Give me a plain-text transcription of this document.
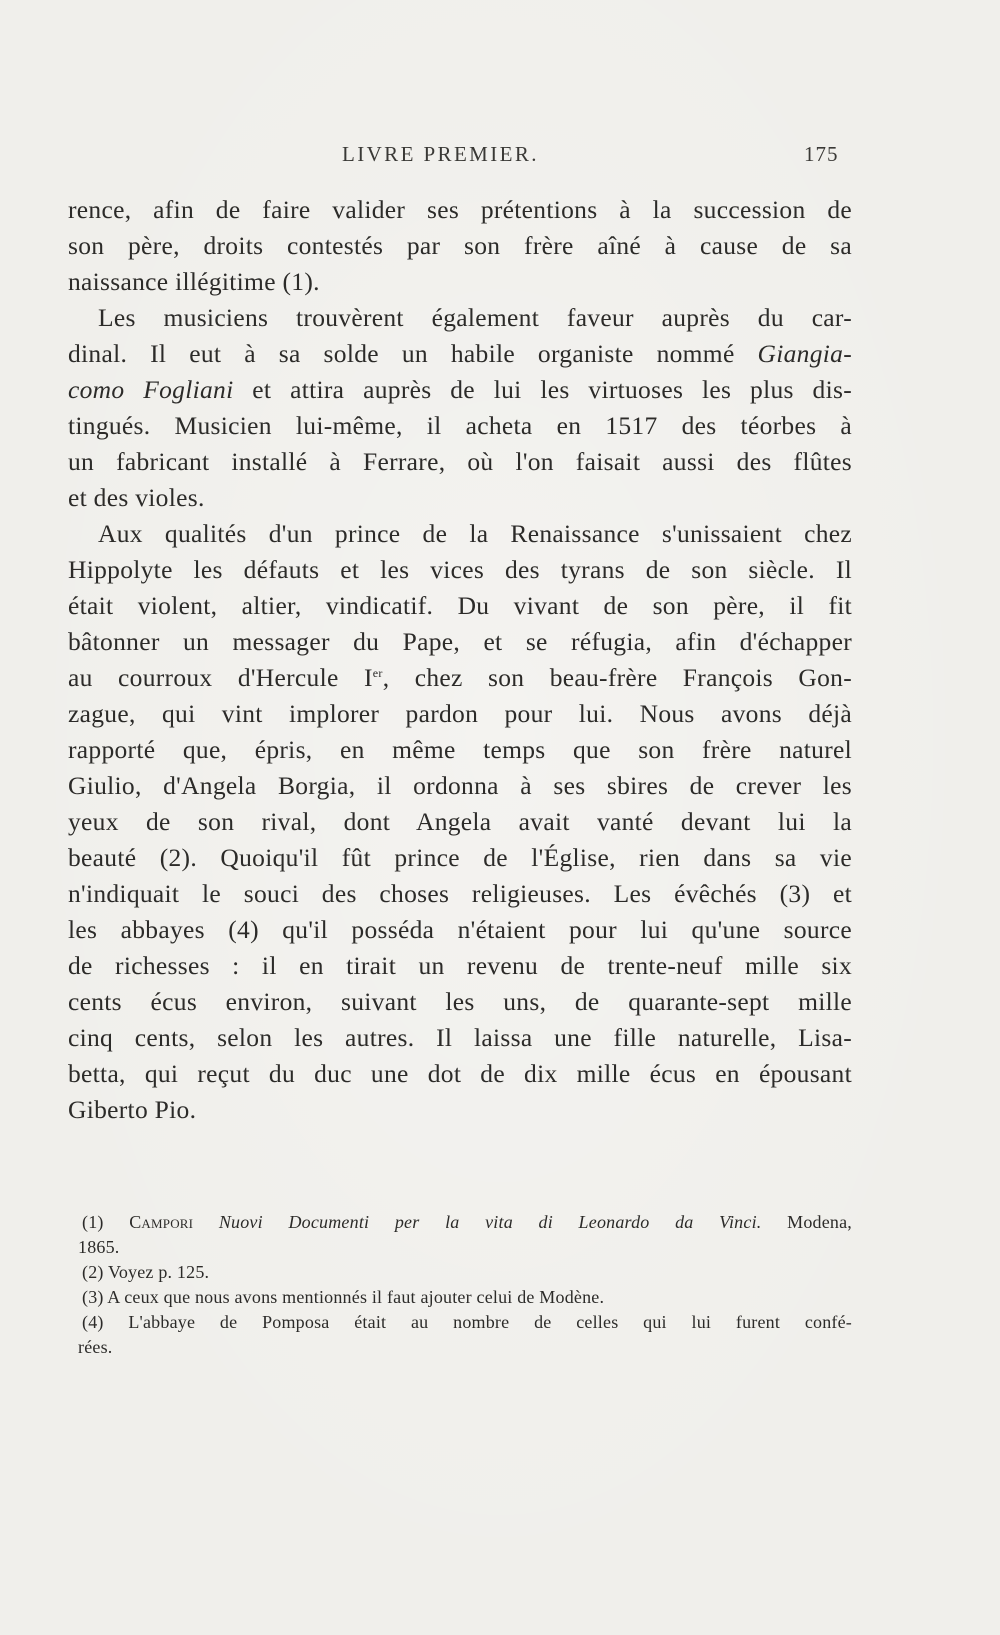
LIVRE PREMIER.	175
rence, afin de faire valider ses prétentions à la succession de
son père, droits contestés par son frère aîné à cause de sa
naissance illégitime (1).
Les musiciens trouvèrent également faveur auprès du car-
dinal. Il eut à sa solde un habile organiste nommé Giangia-
como Fogliani et attira auprès de lui les virtuoses les plus dis-
tingués. Musicien lui-même, il acheta en 1517 des téorbes à
un fabricant installé à Ferrare, où l'on faisait aussi des flûtes
et des violes.
Aux qualités d'un prince de la Renaissance s'unissaient chez
Hippolyte les défauts et les vices des tyrans de son siècle. Il
était violent, altier, vindicatif. Du vivant de son père, il fit
bâtonner un messager du Pape, et se réfugia, afin d'échapper
au courroux d'Hercule Ier, chez son beau-frère François Gon-
zague, qui vint implorer pardon pour lui. Nous avons déjà
rapporté que, épris, en même temps que son frère naturel
Giulio, d'Angela Borgia, il ordonna à ses sbires de crever les
yeux de son rival, dont Angela avait vanté devant lui la
beauté (2). Quoiqu'il fût prince de l'Église, rien dans sa vie
n'indiquait le souci des choses religieuses. Les évêchés (3) et
les abbayes (4) qu'il posséda n'étaient pour lui qu'une source
de richesses : il en tirait un revenu de trente-neuf mille six
cents écus environ, suivant les uns, de quarante-sept mille
cinq cents, selon les autres. Il laissa une fille naturelle, Lisa-
betta, qui reçut du duc une dot de dix mille écus en épousant
Giberto Pio.
(1) Campori Nuovi Documenti per la vita di Leonardo da Vinci. Modena,
1865.
(2) Voyez p. 125.
(3) A ceux que nous avons mentionnés il faut ajouter celui de Modène.
(4) L'abbaye de Pomposa était au nombre de celles qui lui furent confé-
rées.
